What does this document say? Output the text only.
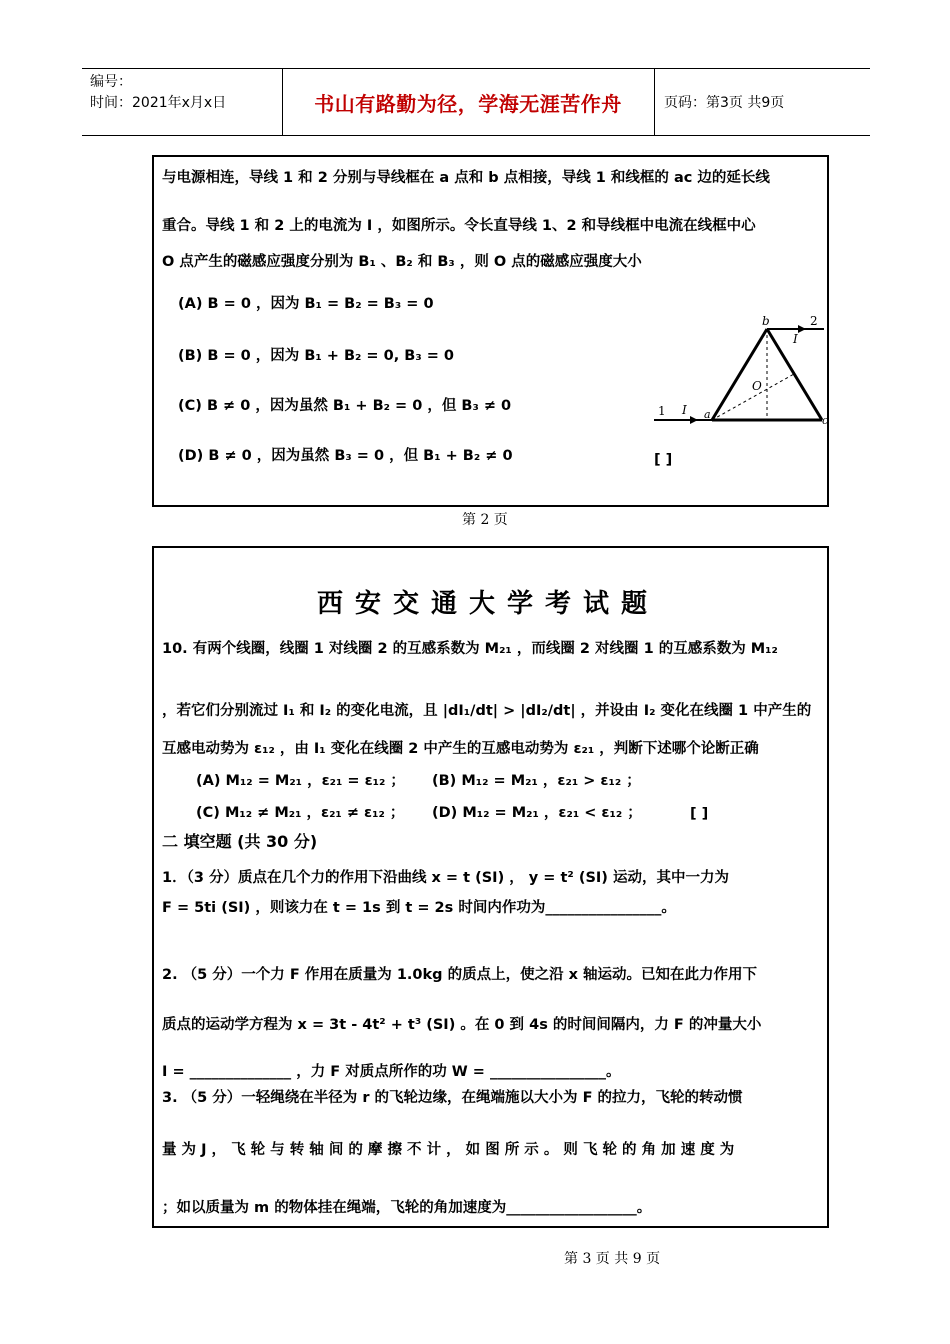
编号：
时间：2021年x月x日	书山有路勤为径，学海无涯苦作舟	页码：第3页 共9页
与电源相连，导线 1 和 2 分别与导线框在 a 点和 b 点相接，导线 1 和线框的 ac 边的延长线
重合。导线 1 和 2 上的电流为 I ，如图所示。令长直导线 1、2 和导线框中电流在线框中心
O 点产生的磁感应强度分别为 B₁ 、B₂ 和 B₃ ，则 O 点的磁感应强度大小
(A) B = 0 ，因为 B₁ = B₂ = B₃ = 0
(B) B = 0 ，因为 B₁ + B₂ = 0, B₃ = 0
(C) B ≠ 0 ，因为虽然 B₁ + B₂ = 0 ，但 B₃ ≠ 0
(D) B ≠ 0 ，因为虽然 B₃ = 0 ，但 B₁ + B₂ ≠ 0	[ ]
b	2
I
O
1 I a	c
第 2 页
西安交通大学考试题
10. 有两个线圈，线圈 1 对线圈 2 的互感系数为 M₂₁ ，而线圈 2 对线圈 1 的互感系数为 M₁₂
，若它们分别流过 I₁ 和 I₂ 的变化电流，且 |dI₁/dt| > |dI₂/dt| ，并设由 I₂ 变化在线圈 1 中产生的
互感电动势为 ε₁₂ ，由 I₁ 变化在线圈 2 中产生的互感电动势为 ε₂₁ ，判断下述哪个论断正确
(A) M₁₂ = M₂₁ ，ε₂₁ = ε₁₂ ； (B) M₁₂ = M₂₁ ，ε₂₁ > ε₁₂ ；
(C) M₁₂ ≠ M₂₁ ，ε₂₁ ≠ ε₁₂ ； (D) M₁₂ = M₂₁ ，ε₂₁ < ε₁₂ ；	[ ]
二 填空题 (共 30 分)
1．（3 分）质点在几个力的作用下沿曲线 x = t (SI) ， y = t² (SI) 运动，其中一力为
F = 5ti (SI) ，则该力在 t = 1s 到 t = 2s 时间内作功为________________。
2. （5 分）一个力 F 作用在质量为 1.0kg 的质点上，使之沿 x 轴运动。已知在此力作用下
质点的运动学方程为 x = 3t - 4t² + t³ (SI) 。在 0 到 4s 的时间间隔内，力 F 的冲量大小
I = ______________ ，力 F 对质点所作的功 W = ________________。
3. （5 分）一轻绳绕在半径为 r 的飞轮边缘，在绳端施以大小为 F 的拉力，飞轮的转动惯
量 为 J ， 飞 轮 与 转 轴 间 的 摩 擦 不 计 ， 如 图 所 示 。 则 飞 轮 的 角 加 速 度 为
；如以质量为 m 的物体挂在绳端，飞轮的角加速度为__________________。
第 3 页 共 9 页
